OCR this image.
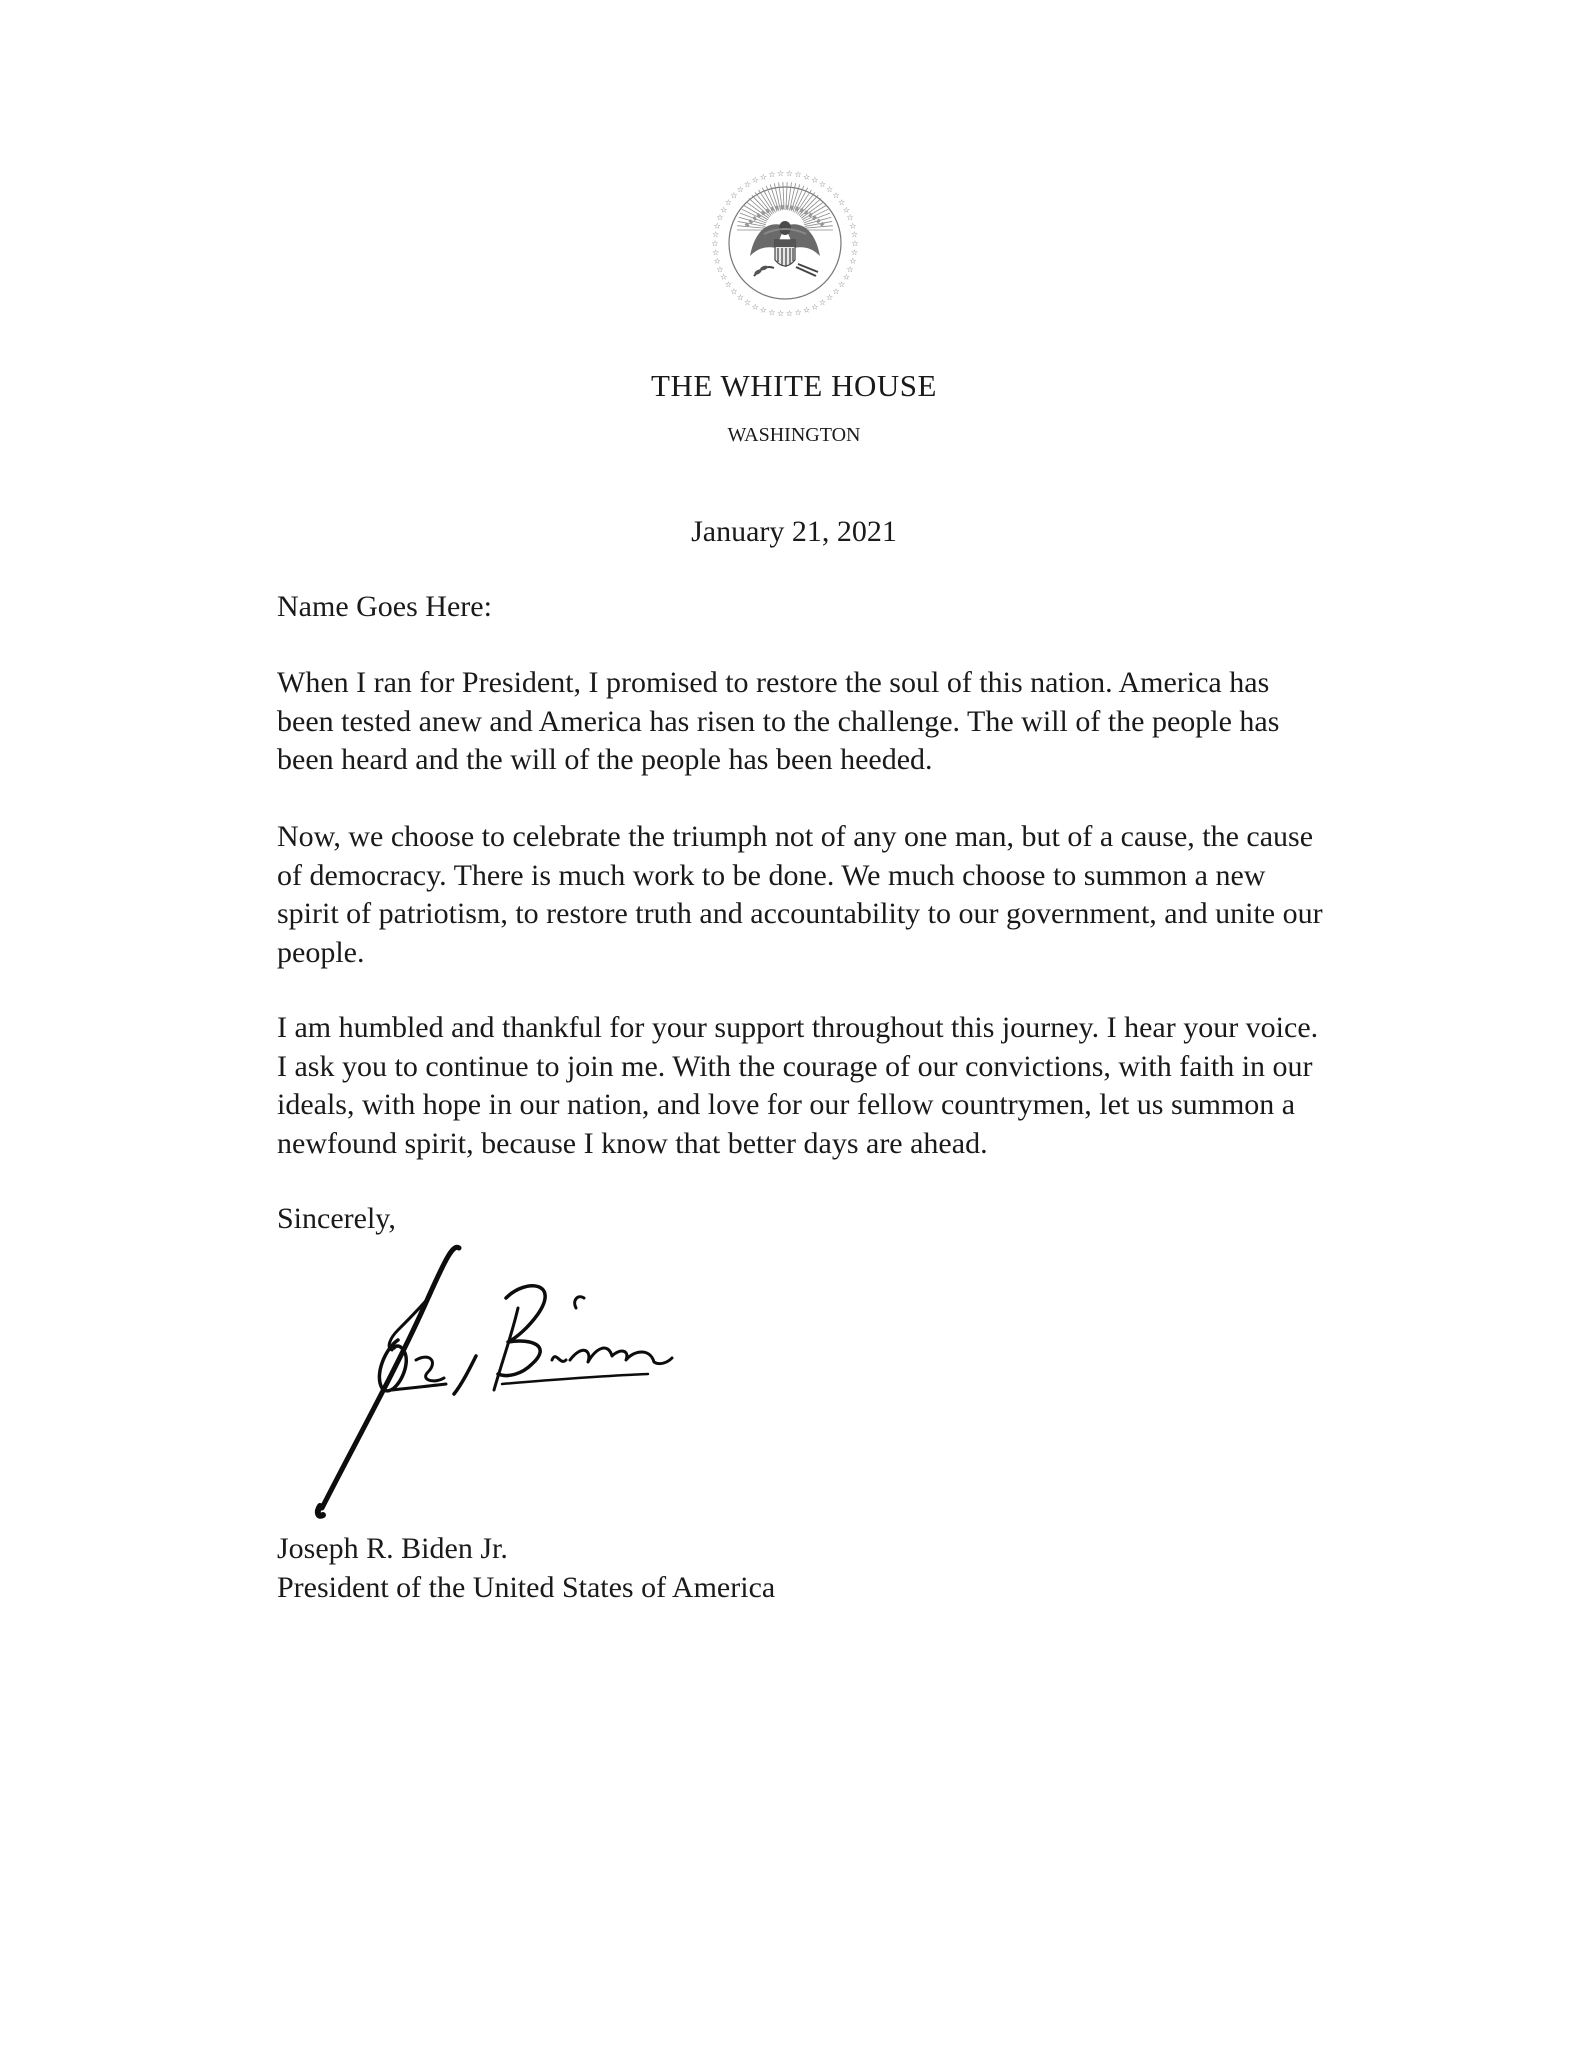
☆
☆
☆
☆
☆
☆
☆
☆
☆
☆
☆
☆
☆
☆
☆
☆
☆
☆
☆
☆
☆
☆
☆
☆
☆
☆
☆
☆
☆
☆
☆
☆
☆
☆ ☆ ☆ ☆ ☆ ☆ ☆ ☆ ☆ ☆
☆
☆
☆
☆
☆
☆
☆
THE WHITE HOUSE
WASHINGTON
January 21, 2021
Name Goes Here:

When I ran for President, I promised to restore the soul of this nation. America has been tested anew and America has risen to the challenge. The will of the people has been heard and the will of the people has been heeded.

Now, we choose to celebrate the triumph not of any one man, but of a cause, the cause of democracy. There is much work to be done. We much choose to summon a new spirit of patriotism, to restore truth and accountability to our government, and unite our people.

I am humbled and thankful for your support throughout this journey. I hear your voice. I ask you to continue to join me. With the courage of our convictions, with faith in our ideals, with hope in our nation, and love for our fellow countrymen, let us summon a newfound spirit, because I know that better days are ahead.

Sincerely,
Joseph R. Biden Jr.
President of the United States of America
